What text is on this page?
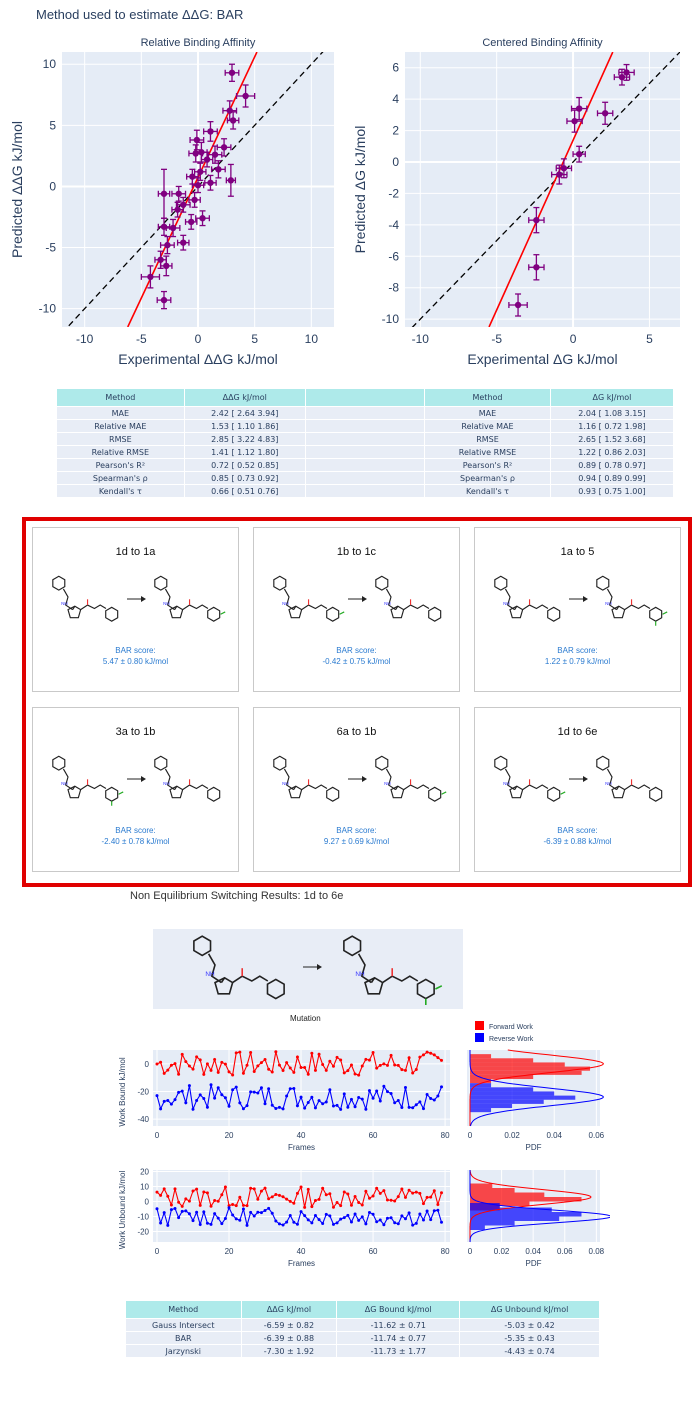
Method used to estimate ΔΔG: BAR
-10	-5	0	5	10
-10
-5
0
5
10
Relative Binding Affinity
Experimental ΔΔG kJ/mol
Predicted ΔΔG kJ/mol
-10	-5	0	5
-10
-8
-6
-4
-2
0
2
4
6
Centered Binding Affinity
Experimental ΔG kJ/mol
Predicted ΔG kJ/mol
Method	ΔΔG kJ/mol		Method	ΔG kJ/mol
MAE	2.42 [ 2.64 3.94]		MAE	2.04 [ 1.08 3.15]
Relative MAE	1.53 [ 1.10 1.86]		Relative MAE	1.16 [ 0.72 1.98]
RMSE	2.85 [ 3.22 4.83]		RMSE	2.65 [ 1.52 3.68]
Relative RMSE	1.41 [ 1.12 1.80]		Relative RMSE	1.22 [ 0.86 2.03]
Pearson's R²	0.72 [ 0.52 0.85]		Pearson's R²	0.89 [ 0.78 0.97]
Spearman's ρ	0.85 [ 0.73 0.92]		Spearman's ρ	0.94 [ 0.89 0.99]
Kendall's τ	0.66 [ 0.51 0.76]		Kendall's τ	0.93 [ 0.75 1.00]
1d to 1a
NH	NH
BAR score:
5.47 ± 0.80 kJ/mol
1b to 1c
NH	NH
BAR score:
-0.42 ± 0.75 kJ/mol
1a to 5
NH	NH
BAR score:
1.22 ± 0.79 kJ/mol
3a to 1b
NH	NH
BAR score:
-2.40 ± 0.78 kJ/mol
6a to 1b
NH	NH
BAR score:
9.27 ± 0.69 kJ/mol
1d to 6e
NH	NH
BAR score:
-6.39 ± 0.88 kJ/mol
Non Equilibrium Switching Results: 1d to 6e
NH	NH
Mutation
Forward Work
Reverse Work
0	20	40	60	80
0
-20
-40
Frames
Work Bound kJ/mol
0	0.02	0.04	0.06
PDF
0	20	40	60	80
20
10
0
-10
-20
Frames
Work Unbound kJ/mol
0	0.02 0.04 0.06 0.08
PDF
Method	ΔΔG kJ/mol	ΔG Bound kJ/mol	ΔG Unbound kJ/mol
Gauss Intersect	-6.59 ± 0.82	-11.62 ± 0.71	-5.03 ± 0.42
BAR	-6.39 ± 0.88	-11.74 ± 0.77	-5.35 ± 0.43
Jarzynski	-7.30 ± 1.92	-11.73 ± 1.77	-4.43 ± 0.74
